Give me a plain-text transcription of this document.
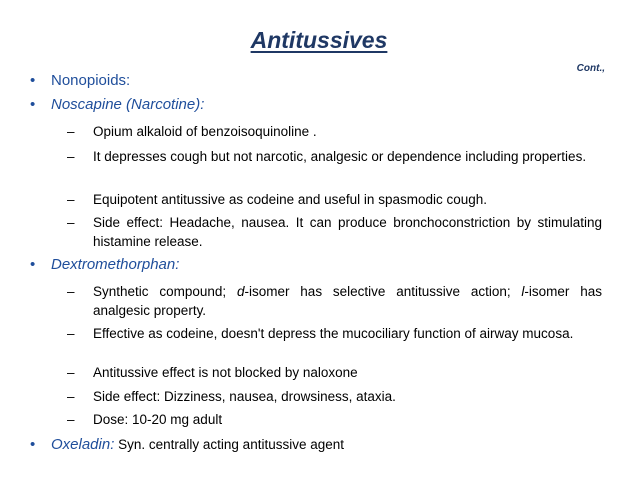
Antitussives
Cont.,
• Nonopioids:
• Noscapine (Narcotine):
– Opium alkaloid of benzoisoquinoline .
– It depresses cough but not narcotic, analgesic or dependence including properties.
– Equipotent antitussive as codeine and useful in spasmodic cough.
– Side effect: Headache, nausea. It can produce bronchoconstriction by stimulating histamine release.
• Dextromethorphan:
– Synthetic compound; d-isomer has selective antitussive action; l-isomer has analgesic property.
– Effective as codeine, doesn't depress the mucociliary function of airway mucosa.
– Antitussive effect is not blocked by naloxone
– Side effect: Dizziness, nausea, drowsiness, ataxia.
– Dose: 10-20 mg adult
• Oxeladin: Syn. centrally acting antitussive agent
